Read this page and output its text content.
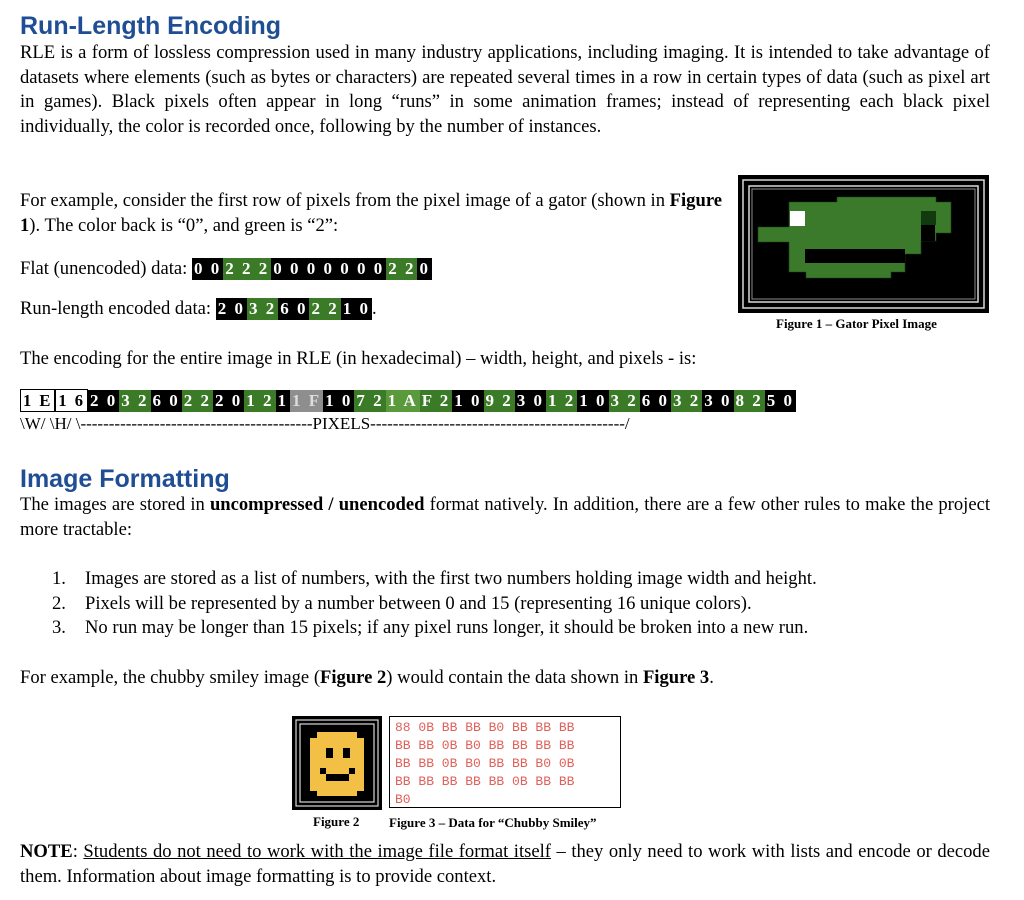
Run-Length Encoding
RLE is a form of lossless compression used in many industry applications, including imaging. It is intended to take advantage of datasets where elements (such as bytes or characters) are repeated several times in a row in certain types of data (such as pixel art in games). Black pixels often appear in long “runs” in some animation frames; instead of representing each black pixel individually, the color is recorded once, following by the number of instances.
For example, consider the first row of pixels from the pixel image of a gator (shown in Figure 1). The color back is “0”, and green is “2”:
Flat (unencoded) data: 0 0 2 2 2 0 0 0 0 0 0 0 2 2 0
Run-length encoded data: 2 0 3 2 6 0 2 2 1 0 .
Figure 1 – Gator Pixel Image
The encoding for the entire image in RLE (in hexadecimal) – width, height, and pixels - is:
1 E 1 6 2 0 3 2 6 0 2 2 2 0 1 2 1 1 F 1 0 7 2 1 A F 2 1 0 9 2 3 0 1 2 1 0 3 2 6 0 3 2 3 0 8 2 5 0
\W/ \H/ \-----------------------------------------PIXELS---------------------------------------------/
Image Formatting
The images are stored in uncompressed / unencoded format natively. In addition, there are a few other rules to make the project more tractable:
1. Images are stored as a list of numbers, with the first two numbers holding image width and height.
2. Pixels will be represented by a number between 0 and 15 (representing 16 unique colors).
3. No run may be longer than 15 pixels; if any pixel runs longer, it should be broken into a new run.
For example, the chubby smiley image (Figure 2) would contain the data shown in Figure 3.
Figure 2
88 0B BB BB B0 BB BB BB
BB BB 0B B0 BB BB BB BB
BB BB 0B B0 BB BB B0 0B
BB BB BB BB BB 0B BB BB
B0
Figure 3 – Data for “Chubby Smiley”
NOTE: Students do not need to work with the image file format itself – they only need to work with lists and encode or decode them. Information about image formatting is to provide context.
